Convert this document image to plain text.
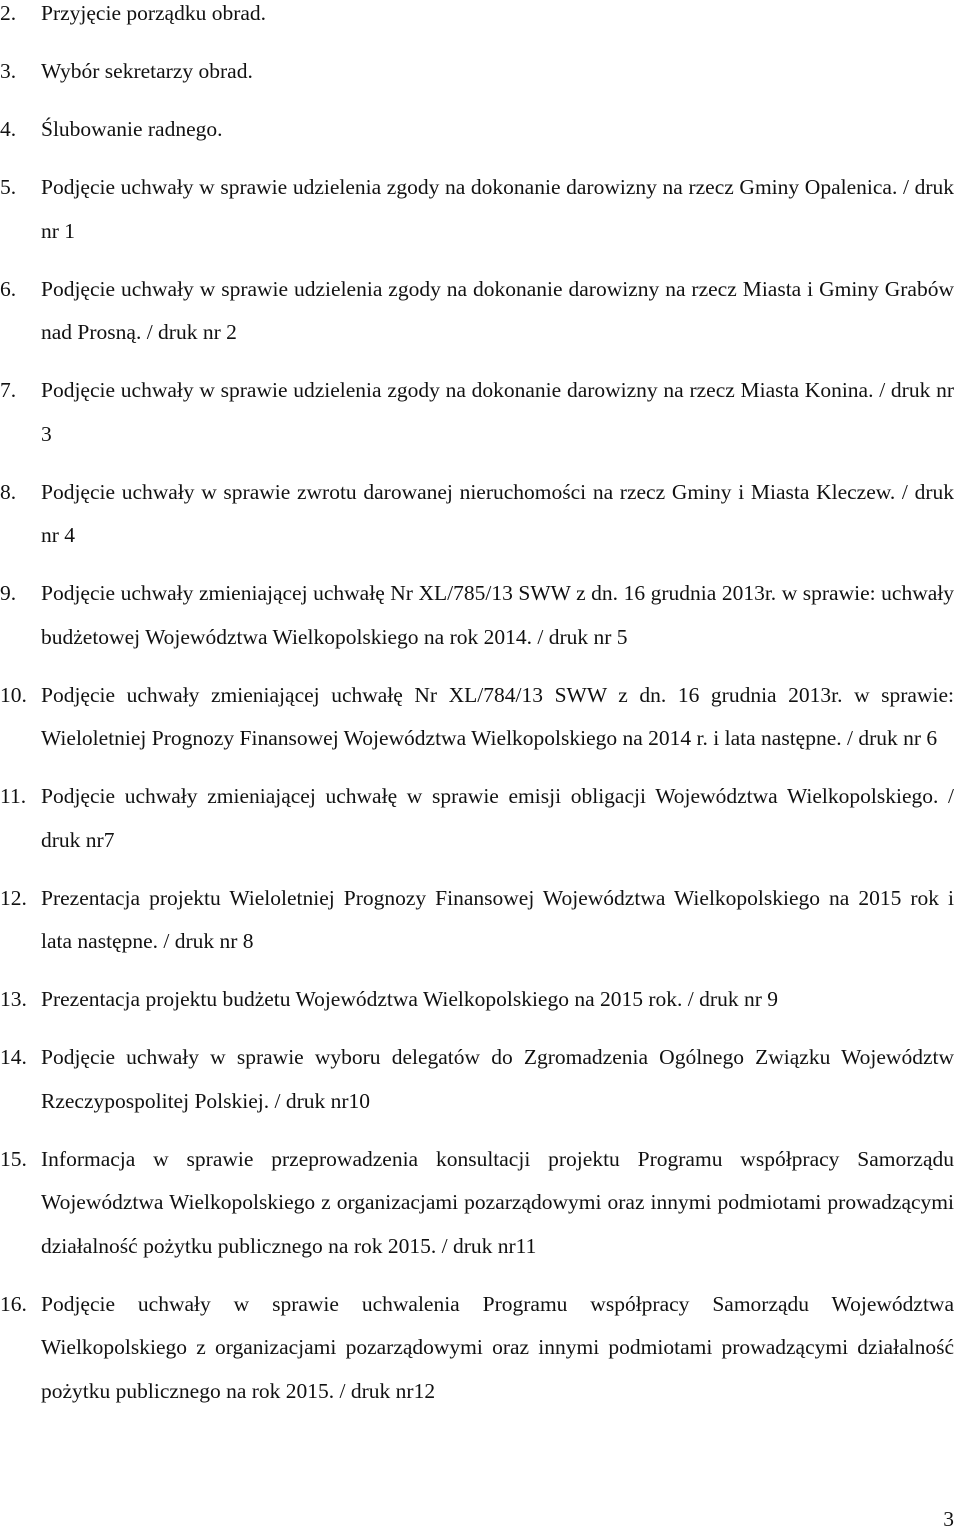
2.	Przyjęcie porządku obrad.
3.	Wybór sekretarzy obrad.
4.	Ślubowanie radnego.
5.	Podjęcie uchwały w sprawie udzielenia zgody na dokonanie darowizny na rzecz Gminy Opalenica. / druk nr 1
6.	Podjęcie uchwały w sprawie udzielenia zgody na dokonanie darowizny na rzecz Miasta i Gminy Grabów nad Prosną. / druk nr 2
7.	Podjęcie uchwały w sprawie udzielenia zgody na dokonanie darowizny na rzecz Miasta Konina. / druk nr 3
8.	Podjęcie uchwały w sprawie zwrotu darowanej nieruchomości na rzecz Gminy i Miasta Kleczew. / druk nr 4
9.	Podjęcie uchwały zmieniającej uchwałę Nr XL/785/13 SWW z dn. 16 grudnia 2013r. w sprawie: uchwały budżetowej Województwa Wielkopolskiego na rok 2014. / druk nr 5
10. Podjęcie uchwały zmieniającej uchwałę Nr XL/784/13 SWW z dn. 16 grudnia 2013r. w sprawie: Wieloletniej Prognozy Finansowej Województwa Wielkopolskiego na 2014 r. i lata następne. / druk nr 6
11. Podjęcie uchwały zmieniającej uchwałę w sprawie emisji obligacji Województwa Wielkopolskiego. / druk nr7
12. Prezentacja projektu Wieloletniej Prognozy Finansowej Województwa Wielkopolskiego na 2015 rok i lata następne. / druk nr 8
13. Prezentacja projektu budżetu Województwa Wielkopolskiego na 2015 rok. / druk nr 9
14. Podjęcie uchwały w sprawie wyboru delegatów do Zgromadzenia Ogólnego Związku Województw Rzeczypospolitej Polskiej. / druk nr10
15. Informacja w sprawie przeprowadzenia konsultacji projektu Programu współpracy Samorządu Województwa Wielkopolskiego z organizacjami pozarządowymi oraz innymi podmiotami prowadzącymi działalność pożytku publicznego na rok 2015. / druk nr11
16. Podjęcie uchwały w sprawie uchwalenia Programu współpracy Samorządu Województwa Wielkopolskiego z organizacjami pozarządowymi oraz innymi podmiotami prowadzącymi działalność pożytku publicznego na rok 2015. / druk nr12
3
